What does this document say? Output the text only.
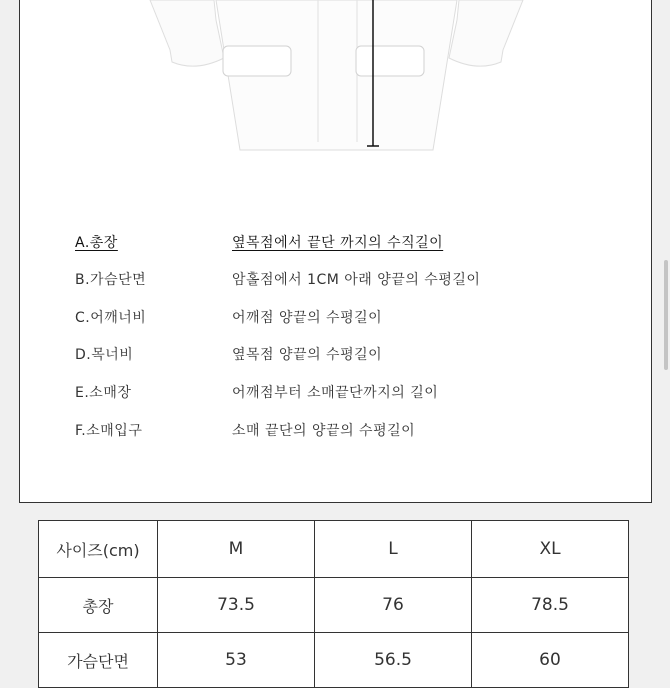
A.총장	옆목점에서 끝단 까지의 수직길이
B.가슴단면	암홀점에서 1CM 아래 양끝의 수평길이
C.어깨너비	어깨점 양끝의 수평길이
D.목너비	옆목점 양끝의 수평길이
E.소매장	어깨점부터 소매끝단까지의 길이
F.소매입구	소매 끝단의 양끝의 수평길이
사이즈(cm)	M	L	XL
총장	73.5	76	78.5
가슴단면	53	56.5	60
